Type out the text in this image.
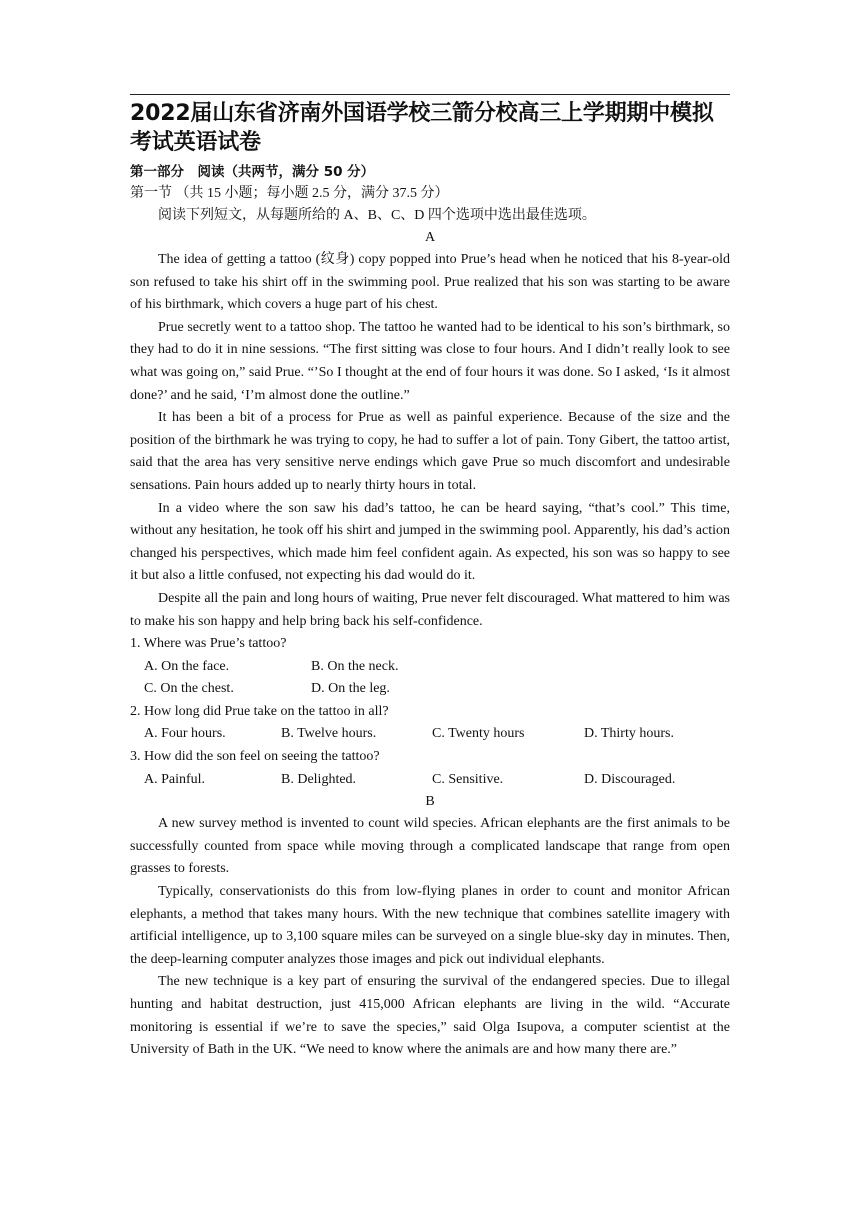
2022届山东省济南外国语学校三箭分校高三上学期期中模拟考试英语试卷
第一部分　阅读（共两节，满分 50 分）
第一节 （共 15 小题；每小题 2.5 分，满分 37.5 分）
阅读下列短文，从每题所给的 A、B、C、D 四个选项中选出最佳选项。
A

The idea of getting a tattoo (纹身) copy popped into Prue’s head when he noticed that his 8-year-old son refused to take his shirt off in the swimming pool. Prue realized that his son was starting to be aware of his birthmark, which covers a huge part of his chest.

Prue secretly went to a tattoo shop. The tattoo he wanted had to be identical to his son’s birthmark, so they had to do it in nine sessions. “The first sitting was close to four hours. And I didn’t really look to see what was going on,” said Prue. “’So I thought at the end of four hours it was done. So I asked, ‘Is it almost done?’ and he said, ‘I’m almost done the outline.”

It has been a bit of a process for Prue as well as painful experience. Because of the size and the position of the birthmark he was trying to copy, he had to suffer a lot of pain. Tony Gibert, the tattoo artist, said that the area has very sensitive nerve endings which gave Prue so much discomfort and undesirable sensations. Pain hours added up to nearly thirty hours in total.

In a video where the son saw his dad’s tattoo, he can be heard saying, “that’s cool.” This time, without any hesitation, he took off his shirt and jumped in the swimming pool. Apparently, his dad’s action changed his perspectives, which made him feel confident again. As expected, his son was so happy to see it but also a little confused, not expecting his dad would do it.

Despite all the pain and long hours of waiting, Prue never felt discouraged. What mattered to him was to make his son happy and help bring back his self-confidence.

1. Where was Prue’s tattoo?
A. On the face.	B. On the neck.
C. On the chest.	D. On the leg.
2. How long did Prue take on the tattoo in all?
A. Four hours.	B. Twelve hours.	C. Twenty hours	D. Thirty hours.
3. How did the son feel on seeing the tattoo?
A. Painful.	B. Delighted.	C. Sensitive.	D. Discouraged.
B

A new survey method is invented to count wild species. African elephants are the first animals to be successfully counted from space while moving through a complicated landscape that range from open grasses to forests.

Typically, conservationists do this from low-flying planes in order to count and monitor African elephants, a method that takes many hours. With the new technique that combines satellite imagery with artificial intelligence, up to 3,100 square miles can be surveyed on a single blue-sky day in minutes. Then, the deep-learning computer analyzes those images and pick out individual elephants.

The new technique is a key part of ensuring the survival of the endangered species. Due to illegal hunting and habitat destruction, just 415,000 African elephants are living in the wild. “Accurate monitoring is essential if we’re to save the species,” said Olga Isupova, a computer scientist at the University of Bath in the UK. “We need to know where the animals are and how many there are.”
